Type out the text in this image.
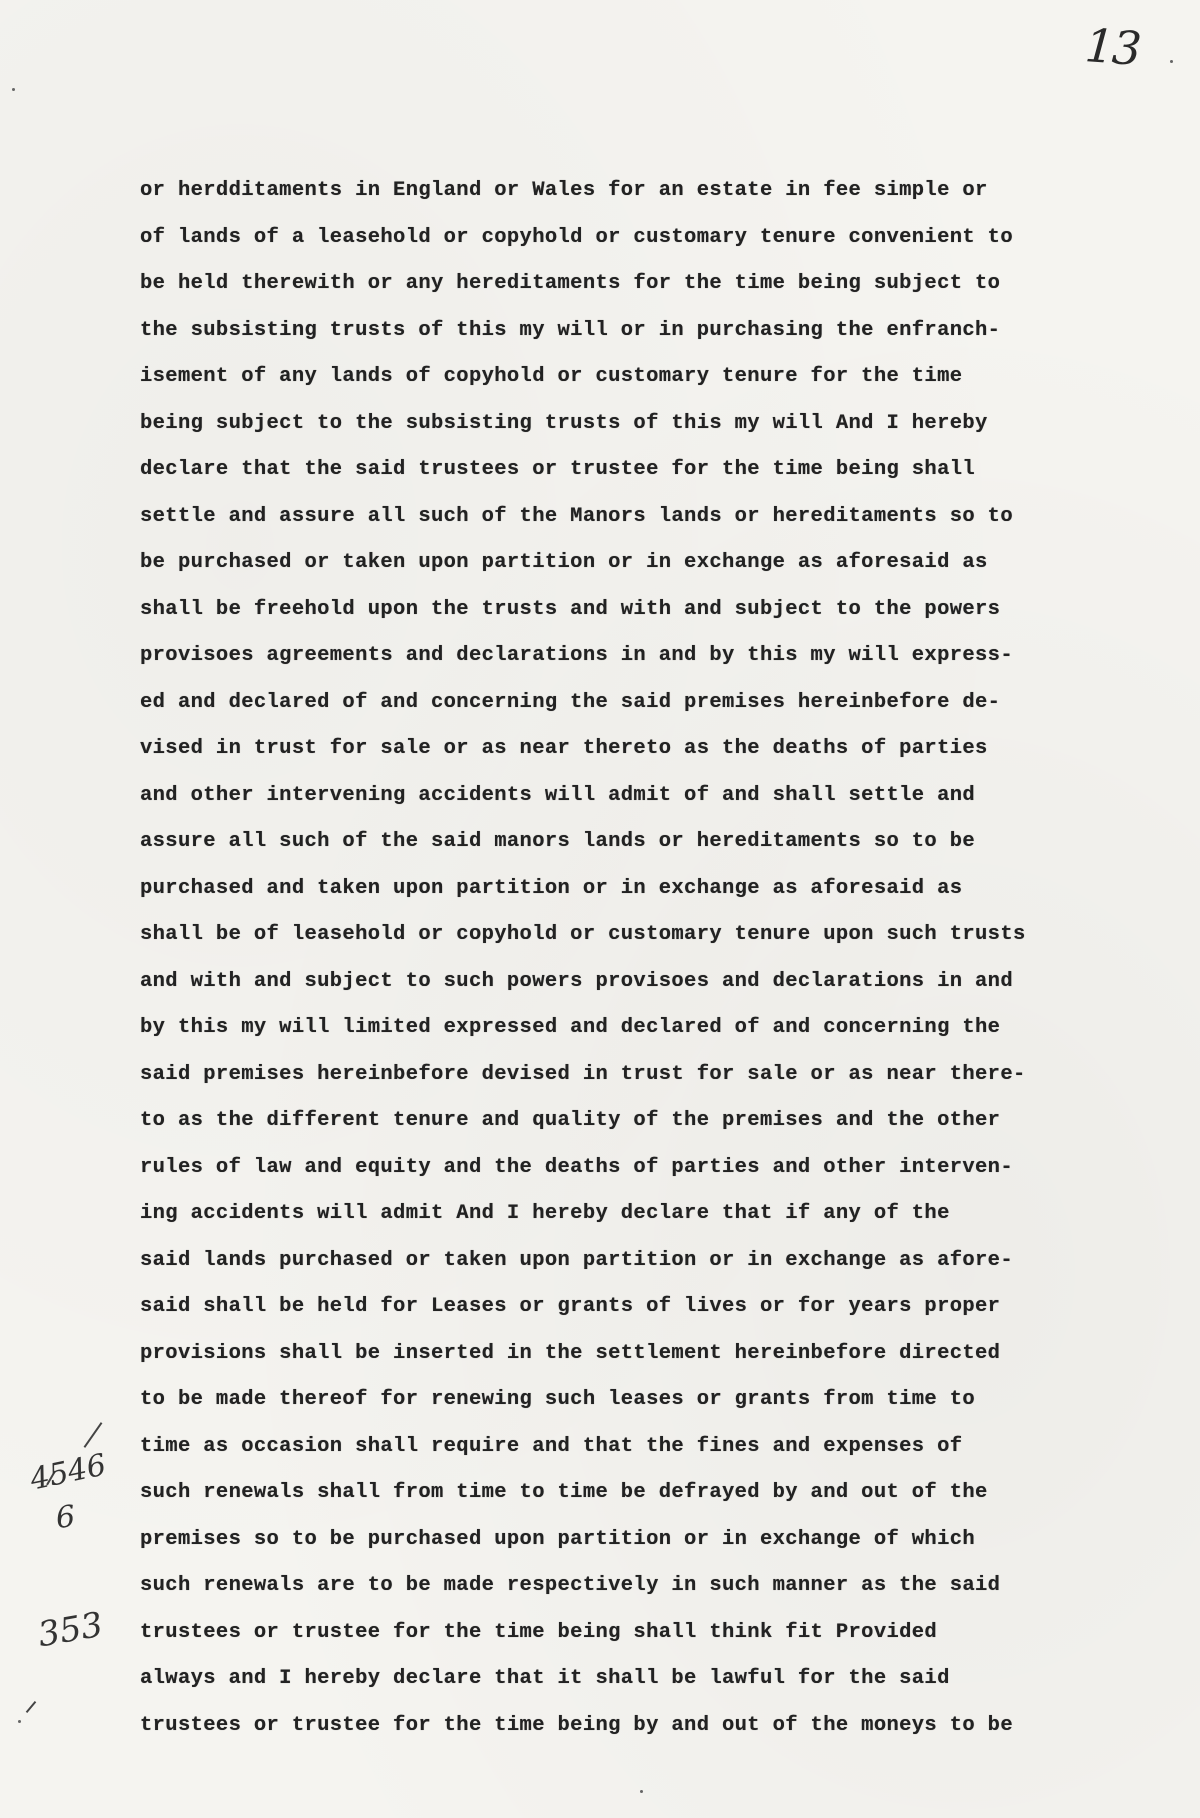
13
or herdditaments in England or Wales for an estate in fee simple or
of lands of a leasehold or copyhold or customary tenure convenient to
be held therewith or any hereditaments for the time being subject to
the subsisting trusts of this my will or in purchasing the enfranch-
isement of any lands of copyhold or customary tenure for the time
being subject to the subsisting trusts of this my will And I hereby
declare that the said trustees or trustee for the time being shall
settle and assure all such of the Manors lands or hereditaments so to
be purchased or taken upon partition or in exchange as aforesaid as
shall be freehold upon the trusts and with and subject to the powers
provisoes agreements and declarations in and by this my will express-
ed and declared of and concerning the said premises hereinbefore de-
vised in trust for sale or as near thereto as the deaths of parties
and other intervening accidents will admit of and shall settle and
assure all such of the said manors lands or hereditaments so to be
purchased and taken upon partition or in exchange as aforesaid as
shall be of leasehold or copyhold or customary tenure upon such trusts
and with and subject to such powers provisoes and declarations in and
by this my will limited expressed and declared of and concerning the
said premises hereinbefore devised in trust for sale or as near there-
to as the different tenure and quality of the premises and the other
rules of law and equity and the deaths of parties and other interven-
ing accidents will admit And I hereby declare that if any of the
said lands purchased or taken upon partition or in exchange as afore-
said shall be held for Leases or grants of lives or for years proper
provisions shall be inserted in the settlement hereinbefore directed
to be made thereof for renewing such leases or grants from time to
time as occasion shall require and that the fines and expenses of
such renewals shall from time to time be defrayed by and out of the
premises so to be purchased upon partition or in exchange of which
such renewals are to be made respectively in such manner as the said
trustees or trustee for the time being shall think fit Provided
always and I hereby declare that it shall be lawful for the said
trustees or trustee for the time being by and out of the moneys to be
4546
6
353
